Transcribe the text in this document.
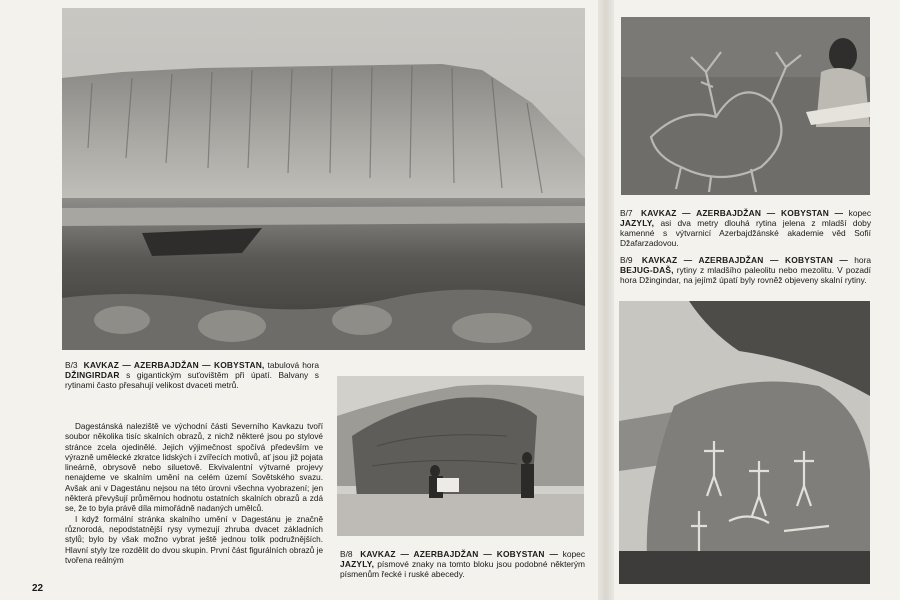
B/3 KAVKAZ — AZERBAJDŽAN — KOBYSTAN, tabulová hora DŽINGIRDAR s gigantickým suťovištěm při úpatí. Balvany s rytinami často přesahují velikost dvaceti metrů.
B/7 KAVKAZ — AZERBAJDŽAN — KOBYSTAN — kopec JAZYLY, asi dva metry dlouhá rytina jelena z mladší doby kamenné s výtvarnicí Azerbajdžánské akademie věd Sofií Džafarzadovou.
B/9 KAVKAZ — AZERBAJDŽAN — KOBYSTAN — hora BEJUG-DAŠ, rytiny z mladšího paleolitu nebo mezolitu. V pozadí hora Džingindar, na jejímž úpatí byly rovněž objeveny skalní rytiny.
B/8 KAVKAZ — AZERBAJDŽAN — KOBYSTAN — kopec JAZYLY, písmové znaky na tomto bloku jsou podobné některým písmenům řecké i ruské abecedy.

Dagestánská naleziště ve východní části Severního Kavkazu tvoří soubor několika tisíc skalních obrazů, z nichž některé jsou po stylové stránce zcela ojedinělé. Jejich výjimečnost spočívá především ve výrazně umělecké zkratce lidských i zvířecích motivů, ať jsou již pojata lineárně, obrysově nebo siluetově. Ekvivalentní výtvarné projevy nenajdeme ve skalním umění na celém území Sovětského svazu. Avšak ani v Dagestánu nejsou na této úrovni všechna vyobrazení; jen některá převyšují průměrnou hodnotu ostatních skalních obrazů a zdá se, že to byla právě díla mimořádně nadaných umělců.

I když formální stránka skalního umění v Dagestánu je značně různorodá, nepodstatnější rysy vymezují zhruba dvacet základních stylů; bylo by však možno vybrat ještě jednou tolik podružnějších. Hlavní styly lze rozdělit do dvou skupin. První část figurálních obrazů je tvořena reálným

22
